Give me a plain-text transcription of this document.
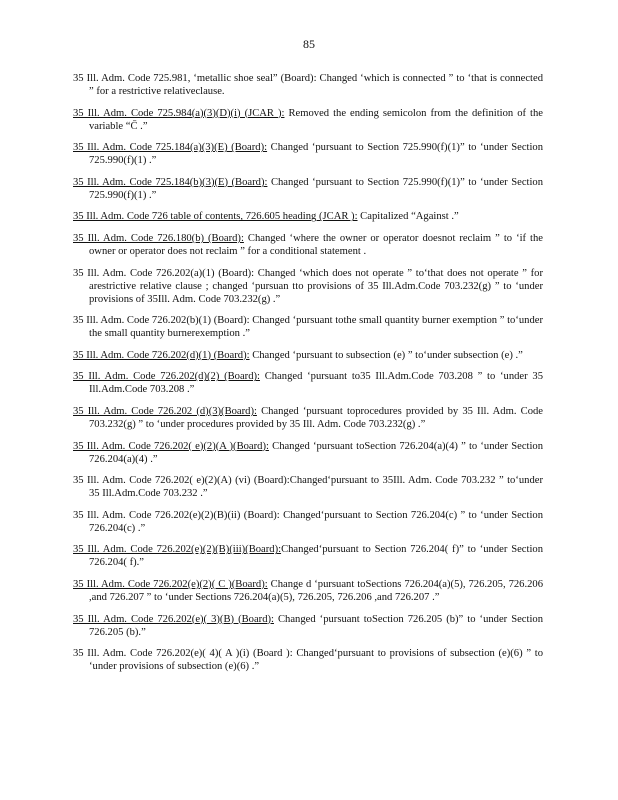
85

35 Ill. Adm. Code 725.981, ‘metallic shoe seal” (Board): Changed ‘which is connected ” to ‘that is connected ” for a restrictive relativeclause.

35 Ill. Adm. Code 725.984(a)(3)(D)(i) (JCAR ): Removed the ending semicolon from the definition of the variable “C̄ .”

35 Ill. Adm. Code 725.184(a)(3)(E) (Board): Changed ‘pursuant to Section 725.990(f)(1)” to ‘under Section 725.990(f)(1) .”

35 Ill. Adm. Code 725.184(b)(3)(E) (Board): Changed ‘pursuant to Section 725.990(f)(1)” to ‘under Section 725.990(f)(1) .”

35 Ill. Adm. Code 726 table of contents, 726.605 heading (JCAR ): Capitalized “Against .”

35 Ill. Adm. Code 726.180(b) (Board): Changed ‘where the owner or operator doesnot reclaim ” to ‘if the owner or operator does not reclaim ” for a conditional statement .

35 Ill. Adm. Code 726.202(a)(1) (Board): Changed ‘which does not operate ” to‘that does not operate ” for arestrictive relative clause ; changed ‘pursuan tto provisions of 35 Ill.Adm.Code 703.232(g) ” to ‘under provisions of 35Ill. Adm. Code 703.232(g) .”

35 Ill. Adm. Code 726.202(b)(1) (Board): Changed ‘pursuant tothe small quantity burner exemption ” to‘under the small quantity burnerexemption .”

35 Ill. Adm. Code 726.202(d)(1) (Board): Changed ‘pursuant to subsection (e) ” to‘under subsection (e) .”

35 Ill. Adm. Code 726.202(d)(2) (Board): Changed ‘pursuant to35 Ill.Adm.Code 703.208 ” to ‘under 35 Ill.Adm.Code 703.208 .”

35 Ill. Adm. Code 726.202 (d)(3)(Board): Changed ‘pursuant toprocedures provided by 35 Ill. Adm. Code 703.232(g) ” to ‘under procedures provided by 35 Ill. Adm. Code 703.232(g) .”

35 Ill. Adm. Code 726.202( e)(2)(A )(Board): Changed ‘pursuant toSection 726.204(a)(4) ” to ‘under Section 726.204(a)(4) .”

35 Ill. Adm. Code 726.202( e)(2)(A) (vi) (Board):Changed‘pursuant to 35Ill. Adm. Code 703.232 ” to‘under 35 Ill.Adm.Code 703.232 .”

35 Ill. Adm. Code 726.202(e)(2)(B)(ii) (Board): Changed‘pursuant to Section 726.204(c) ” to ‘under Section 726.204(c) .”

35 Ill. Adm. Code 726.202(e)(2)(B)(iii)(Board):Changed‘pursuant to Section 726.204( f)” to ‘under Section 726.204( f).”

35 Ill. Adm. Code 726.202(e)(2)( C )(Board): Change d ‘pursuant toSections 726.204(a)(5), 726.205, 726.206 ,and 726.207 ” to ‘under Sections 726.204(a)(5), 726.205, 726.206 ,and 726.207 .”

35 Ill. Adm. Code 726.202(e)( 3)(B) (Board): Changed ‘pursuant toSection 726.205 (b)” to ‘under Section 726.205 (b).”

35 Ill. Adm. Code 726.202(e)( 4)( A )(i) (Board ): Changed‘pursuant to provisions of subsection (e)(6) ” to ‘under provisions of subsection (e)(6) .”
